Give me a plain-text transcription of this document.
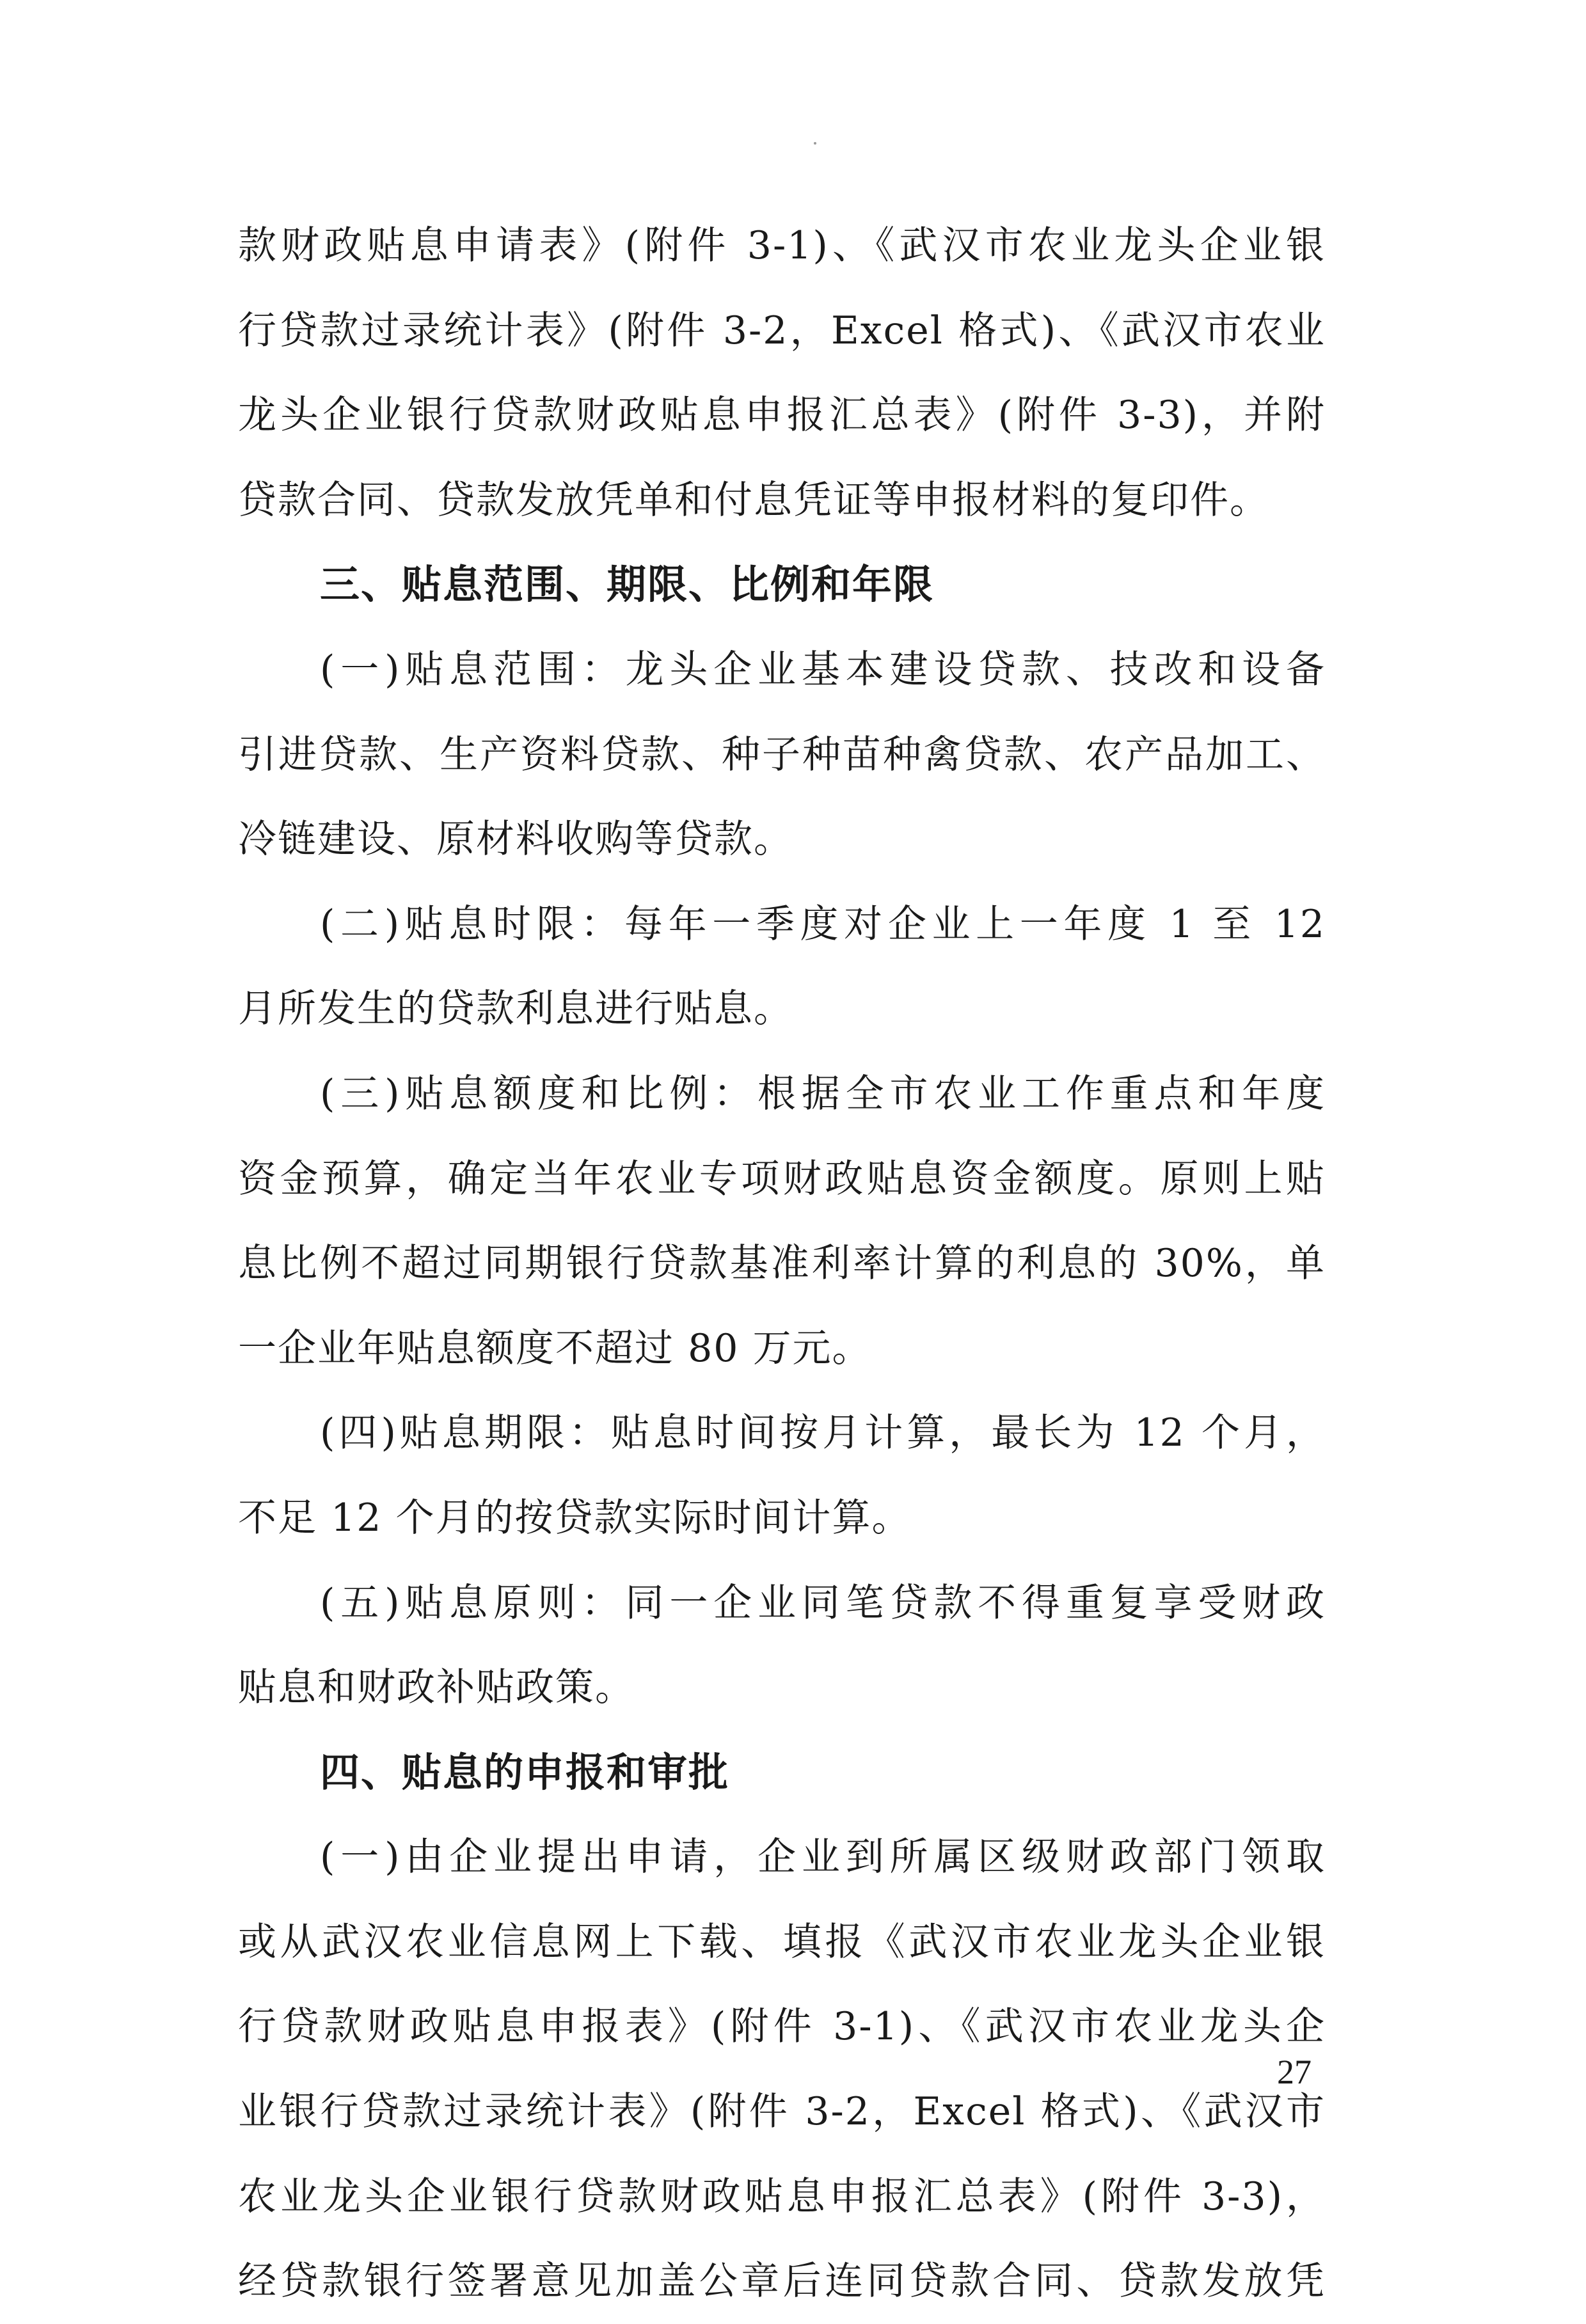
款财政贴息申请表》(附件 3-1)、《武汉市农业龙头企业银
行贷款过录统计表》(附件 3-2，Excel 格式)、《武汉市农业
龙头企业银行贷款财政贴息申报汇总表》(附件 3-3)，并附
贷款合同、贷款发放凭单和付息凭证等申报材料的复印件。
三、贴息范围、期限、比例和年限
(一)贴息范围：龙头企业基本建设贷款、技改和设备
引进贷款、生产资料贷款、种子种苗种禽贷款、农产品加工、
冷链建设、原材料收购等贷款。
(二)贴息时限：每年一季度对企业上一年度 1 至 12
月所发生的贷款利息进行贴息。
(三)贴息额度和比例：根据全市农业工作重点和年度
资金预算，确定当年农业专项财政贴息资金额度。原则上贴
息比例不超过同期银行贷款基准利率计算的利息的 30%，单
一企业年贴息额度不超过 80 万元。
(四)贴息期限：贴息时间按月计算，最长为 12 个月，
不足 12 个月的按贷款实际时间计算。
(五)贴息原则：同一企业同笔贷款不得重复享受财政
贴息和财政补贴政策。
四、贴息的申报和审批
(一)由企业提出申请，企业到所属区级财政部门领取
或从武汉农业信息网上下载、填报《武汉市农业龙头企业银
行贷款财政贴息申报表》(附件 3-1)、《武汉市农业龙头企
业银行贷款过录统计表》(附件 3-2，Excel 格式)、《武汉市
农业龙头企业银行贷款财政贴息申报汇总表》(附件 3-3)，
经贷款银行签署意见加盖公章后连同贷款合同、贷款发放凭
27
